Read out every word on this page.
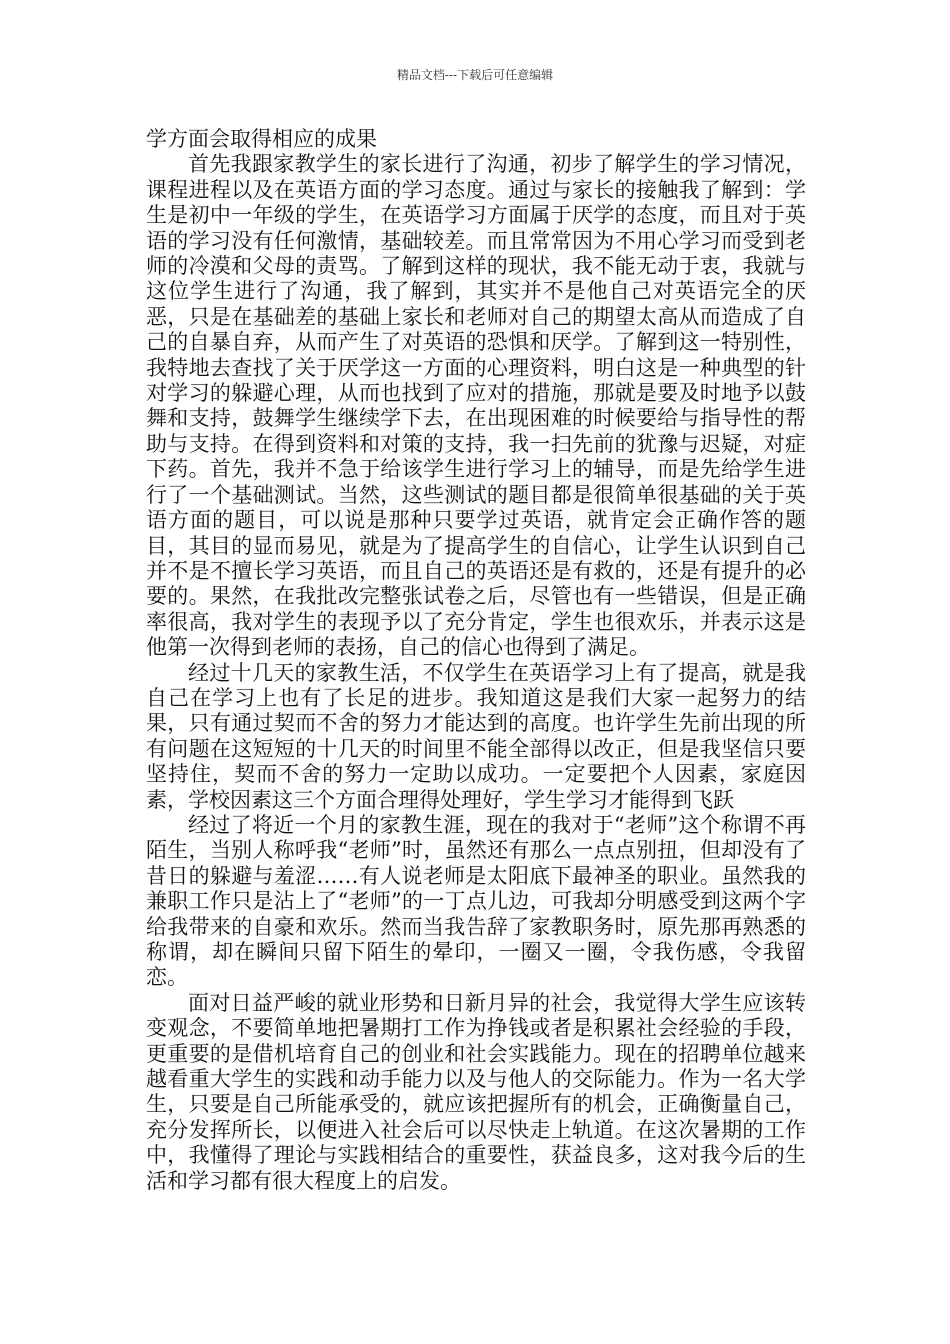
精品文档---下载后可任意编辑

学方面会取得相应的成果

首先我跟家教学生的家长进行了沟通，初步了解学生的学习情况，课程进程以及在英语方面的学习态度。通过与家长的接触我了解到：学生是初中一年级的学生，在英语学习方面属于厌学的态度，而且对于英语的学习没有任何激情，基础较差。而且常常因为不用心学习而受到老师的冷漠和父母的责骂。了解到这样的现状，我不能无动于衷，我就与这位学生进行了沟通，我了解到，其实并不是他自己对英语完全的厌恶，只是在基础差的基础上家长和老师对自己的期望太高从而造成了自己的自暴自弃，从而产生了对英语的恐惧和厌学。了解到这一特别性，我特地去查找了关于厌学这一方面的心理资料，明白这是一种典型的针对学习的躲避心理，从而也找到了应对的措施，那就是要及时地予以鼓舞和支持，鼓舞学生继续学下去，在出现困难的时候要给与指导性的帮助与支持。在得到资料和对策的支持，我一扫先前的犹豫与迟疑，对症下药。首先，我并不急于给该学生进行学习上的辅导，而是先给学生进行了一个基础测试。当然，这些测试的题目都是很简单很基础的关于英语方面的题目，可以说是那种只要学过英语，就肯定会正确作答的题目，其目的显而易见，就是为了提高学生的自信心，让学生认识到自己并不是不擅长学习英语，而且自己的英语还是有救的，还是有提升的必要的。果然，在我批改完整张试卷之后，尽管也有一些错误，但是正确率很高，我对学生的表现予以了充分肯定，学生也很欢乐，并表示这是他第一次得到老师的表扬，自己的信心也得到了满足。

经过十几天的家教生活，不仅学生在英语学习上有了提高，就是我自己在学习上也有了长足的进步。我知道这是我们大家一起努力的结果，只有通过契而不舍的努力才能达到的高度。也许学生先前出现的所有问题在这短短的十几天的时间里不能全部得以改正，但是我坚信只要坚持住，契而不舍的努力一定助以成功。一定要把个人因素，家庭因素，学校因素这三个方面合理得处理好，学生学习才能得到飞跃

经过了将近一个月的家教生涯，现在的我对于“老师”这个称谓不再陌生，当别人称呼我“老师”时，虽然还有那么一点点别扭，但却没有了昔日的躲避与羞涩……有人说老师是太阳底下最神圣的职业。虽然我的兼职工作只是沾上了“老师”的一丁点儿边，可我却分明感受到这两个字给我带来的自豪和欢乐。然而当我告辞了家教职务时，原先那再熟悉的称谓，却在瞬间只留下陌生的晕印，一圈又一圈，令我伤感，令我留恋。

面对日益严峻的就业形势和日新月异的社会，我觉得大学生应该转变观念，不要简单地把暑期打工作为挣钱或者是积累社会经验的手段，更重要的是借机培育自己的创业和社会实践能力。现在的招聘单位越来越看重大学生的实践和动手能力以及与他人的交际能力。作为一名大学生，只要是自己所能承受的，就应该把握所有的机会，正确衡量自己，充分发挥所长，以便进入社会后可以尽快走上轨道。在这次暑期的工作中，我懂得了理论与实践相结合的重要性，获益良多，这对我今后的生活和学习都有很大程度上的启发。
